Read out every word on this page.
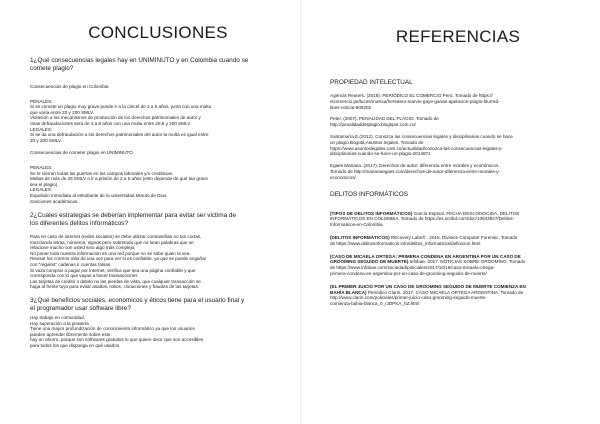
CONCLUSIONES

1¿Qué consecuencias legales hay en UNIMINUTO y en Colombia cuando se
comete plagio?

Consecuencias de plagio en Colombia

PENALES:
Si se comete un plagio muy grave puede ir a la cárcel de 2 a 5 años, junto con una multa
que varía entre 20 y 200 SMLV.
Violación a los mecanismos de producción de los derechos patrimoniales de autor y
otras defraudaciones será de 4 a 8 años con una multa entre 26,6 y 200 SMLV.
LEGALES:
Si se da una defraudación a los derechos patrimoniales del autor la multa es igual entre
20 y 200 SMLV.

Consecuencias de cometer plagio en UNIMINUTO

PENALES:
Se le cierran todas las puertas en los campos laborales y/o crediticias.
Multas de más de 26 SMLV o ir a prisión de 2 a 5 años (esto depende de qué tan grave
sea el plagio).
LEGALES:
Expulsión inmediata al estudiante de la universidad Minuto de Dios.
Sanciones académicas.

2¿Cuales estrategias se deberían implementar para evitar ser victima de
los diferentes delitos informáticos?

Para en caso de internet (redes sociales) se debe utilizar contraseñas no tan cortas,
mezclando letras, números, signos pero sobretodo que no sean palabras que se
relacione mucho con usted sino algo más complejo.
No poner toda nuestra información en una red porque no se sabe quien la vea.
Revisar los correos más de una vez para ver si es confiable, ya que se puede engañar
con "regalos" cadenas o cuentas falsas.
Si vaza comprar o pagar por internet, verifica que sea una página confiable y que
corresponda con lo que vayas a hacer transacciones
Las tarjetas de credito o debito no las pierdas de vista, que cualquier transacción se
haga al frente tuyo para evitar asaltos, robos, clonaciones y fraudes de las tarjetas.

3¿Qué beneficios sociales, económicos y éticos tiene para el usuario final y
el programador usar software libre?

Hay trabajo en comunidad.
Hay superación a la piratería
Tiene una mayor profundización de conocimiento informático ya que los usuarios
pueden aprender libremente sobre este.
hay un ahorro, porque son softwares gratuitos lo que quiere decir que son accesibles
para todos los que disponga en qué usarlos

REFERENCIAS

PROPIEDAD INTELECTUAL

Agencia Reuters. (2018). PERIÓDICO EL COMERCIO Perú. Tomado de https://
elcomercio.pe/luces/musica/heredero-marvin-gaye-ganan-apelacion-plagio-blurred-
lines-noticia-506202

Peter, (2007). PENALIDAD DEL PLAGIO. Tomado de
http://penalidaddelplagio.blogspot.com.co/

Santamaría,E.(2012). Conozca las consecuencias legales y disciplinarias cuando se hace
un plagio.Bogotá,Asuntos legales. Tomado de
https://www.asuntoslegales.com.co/actualidad/conozca-las-consecuencias-legales-y-
disciplinarias-cuando-se-hace-un-plagio-2014871

Egaes Mariana. (2017). Derechos de autor: diferencia entre morales y económicos.
Tomado de http://marianaegaes.com/derechos-de-autor-diferencia-entre-morales-y-
economicos/

DELITOS INFORMÁTICOS

(TIPOS DE DELITOS INFORMÁTICOS) García Espinal. FECHA DESCONOCIDA. DELITOS
INFORMÁTICOS EN COLOMBIA. Tomado de https://es.scribd.com/doc/13643827/Delitos-
Informaticos-en-Colombia

(DELITOS INFORMÁTICOS) REcovery Labs® . 2015. Division Computer Forensic. Tomado
de https://www.delitosinformaticos.info/delitos_informaticos/definicion.html

(CASO DE MICAELA ORTEGA; PRIMERA CONDENA EN ARGENTINA POR UN CASO DE
GROOMING SEGUIDO DE MUERTE) Infobae. 2017. NOTICIAS SOBRE GROOMING. Tomado
de https://www.infobae.com/sociedad/policiales/2017/10/19/caso-micaela-ortega-
primera-condena-en-argentina-por-un-caso-de-grooming-seguido-de-muerte/

(EL PRIMER JUICIO POR UN CASO DE GROOMING SEGUIDO DE MUERTE COMIENZA EN
BAHÍA BLANCA) Periódico Clarin. 2017. CASO MICAELA ORTEGA ARGENTINA. Tomado de
http://www.clarin.com/policiales/primer-juicio-caso-grooming-seguido-muerte-
comienza-bahia-blanca_0_rJDPKA_hZ.html
